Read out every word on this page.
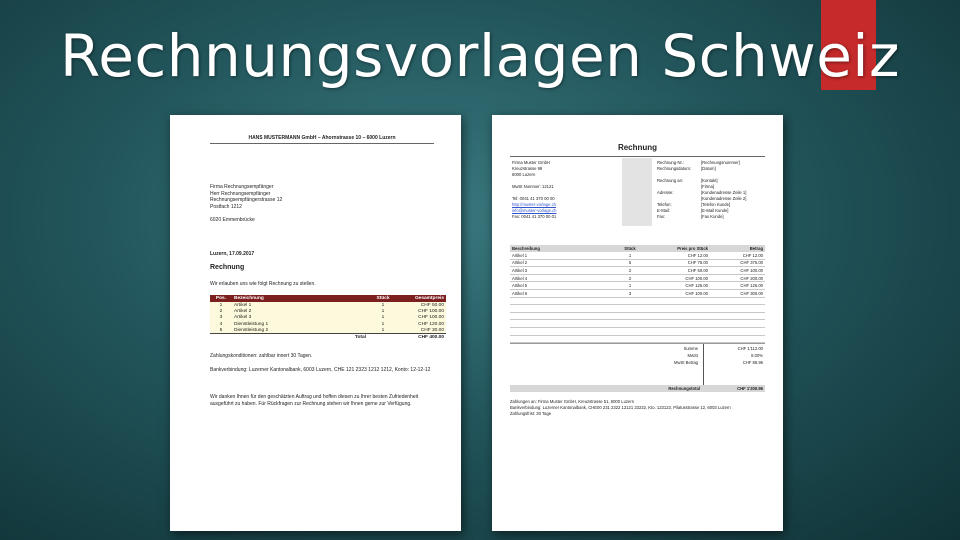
Rechnungsvorlagen Schweiz
HANS MUSTERMANN GmbH – Ahornstrasse 10 – 6000 Luzern
Firma Rechnungsempfänger
Herr Rechnungsempfänger
Rechnungsempfängerstrasse 12
Postfach 1212
6020 Emmenbrücke
Luzern, 17.09.2017
Rechnung
Wir erlauben uns wie folgt Rechnung zu stellen.
Pos.	Bezeichnung	Stück	Gesamtpreis
1	Artikel 1	1	CHF 50.00
2	Artikel 2	1	CHF 100.00
3	Artikel 3	1	CHF 100.00
4	Dienstleistung 1	1	CHF 120.00
5	Dienstleistung 2	1	CHF 30.00
	Total		CHF 400.00
Zahlungskonditionen: zahlbar innert 30 Tagen.
Bankverbindung: Luzerner Kantonalbank, 6003 Luzern, CHE 121 2323 1212 1212, Konto: 12-12-12
Wir danken Ihnen für den geschätzten Auftrag und hoffen diesen zu Ihrer besten Zufriedenheit
ausgeführt zu haben. Für Rückfragen zur Rechnung stehen wir Ihnen gerne zur Verfügung.
Rechnung
Firma Muster GmbH
Kreuzstrasse 99
6000 Luzern
MwSt Nummer: 12121
Tel: 0041 41 370 00 00
http://muster-vorlage.ch
info@muster-vorlage.ch
Fax: 0041 41 370 00 01
Rechnung-Nr.:	[Rechnungsnummer]
Rechnungsdatum:	[Datum]
Rechnung an:	[Kontakt]
[Firma]
Adresse:	[Kundenadresse Zeile 1]
[Kundenadresse Zeile 2]
Telefon:	[Telefon Kunde]
E-Mail:	[E-Mail Kunde]
Fax:	[Fax Kunde]
Beschreibung	Stück	Preis pro Stück	Betrag
Artikel 1	1	CHF 12.00	CHF 12.00
Artikel 2	5	CHF 75.00	CHF 375.00
Artikel 3	2	CHF 50.00	CHF 100.00
Artikel 4	2	CHF 100.00	CHF 200.00
Artikel 5	1	CHF 125.00	CHF 125.00
Artikel 6	3	CHF 100.00	CHF 300.00

Summe	CHF 1'112.00
MwSt	8.00%
MwSt Betrag	CHF 88.96
Rechnungstotal	CHF 1'200.96
Zahlungen an: Firma Muster GmbH, Kreuzstrasse 51, 6000 Luzern
Bankverbindung: Luzerner Kantonalbank, CHE00 231 2322 12121 23232, Kto. 123123, Pilatusstrasse 12, 6003 Luzern
Zahlungsfrist: 30 Tage
